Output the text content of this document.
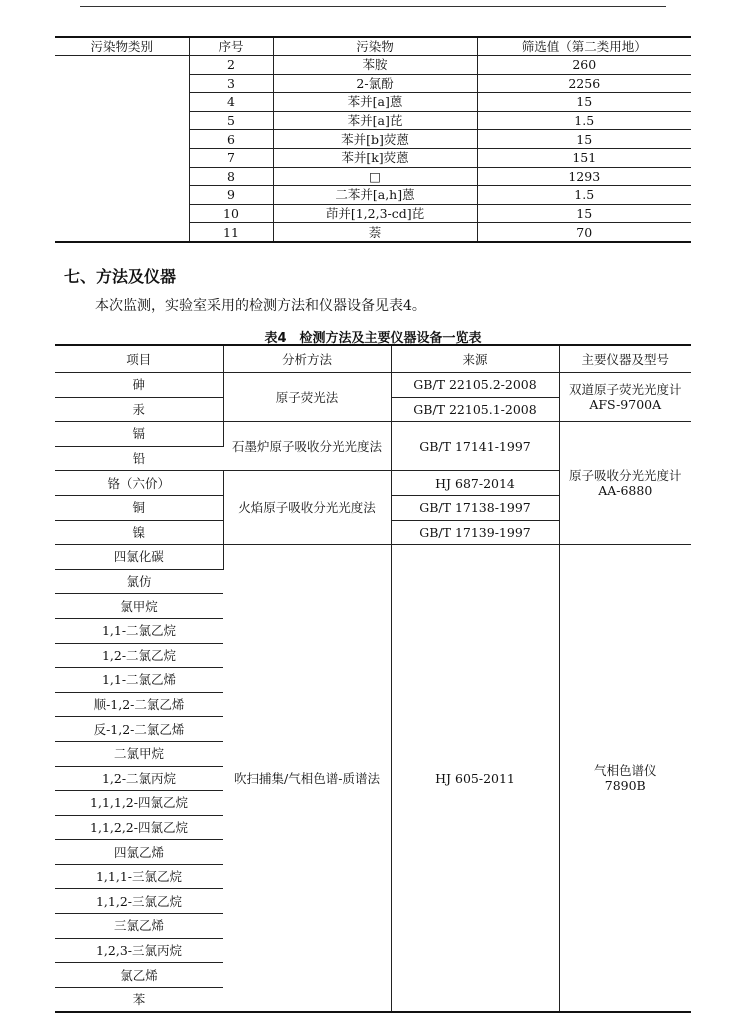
污染物类别	序号	污染物	筛选值（第二类用地）
	2	苯胺	260
	3	2-氯酚	2256
	4	苯并[a]蒽	15
	5	苯并[a]芘	1.5
	6	苯并[b]荧蒽	15
	7	苯并[k]荧蒽	151
	8	□	1293
	9	二苯并[a,h]蒽	1.5
	10	茚并[1,2,3-cd]芘	15
	11	萘	70
七、方法及仪器
本次监测，实验室采用的检测方法和仪器设备见表4。
表4　检测方法及主要仪器设备一览表
项目	分析方法	来源	主要仪器及型号
砷	原子荧光法	GB/T 22105.2-2008	双道原子荧光光度计
AFS-9700A
汞		GB/T 22105.1-2008	
镉	石墨炉原子吸收分光光度法	GB/T 17141-1997	原子吸收分光光度计
AA-6880
铅			
铬（六价）	火焰原子吸收分光光度法	HJ 687-2014	
铜		GB/T 17138-1997	
镍		GB/T 17139-1997	
四氯化碳	吹扫捕集/气相色谱-质谱法	HJ 605-2011	气相色谱仪
7890B
氯仿			
氯甲烷			
1,1-二氯乙烷			
1,2-二氯乙烷			
1,1-二氯乙烯			
顺-1,2-二氯乙烯			
反-1,2-二氯乙烯			
二氯甲烷			
1,2-二氯丙烷			
1,1,1,2-四氯乙烷			
1,1,2,2-四氯乙烷			
四氯乙烯			
1,1,1-三氯乙烷			
1,1,2-三氯乙烷			
三氯乙烯			
1,2,3-三氯丙烷			
氯乙烯			
苯			
